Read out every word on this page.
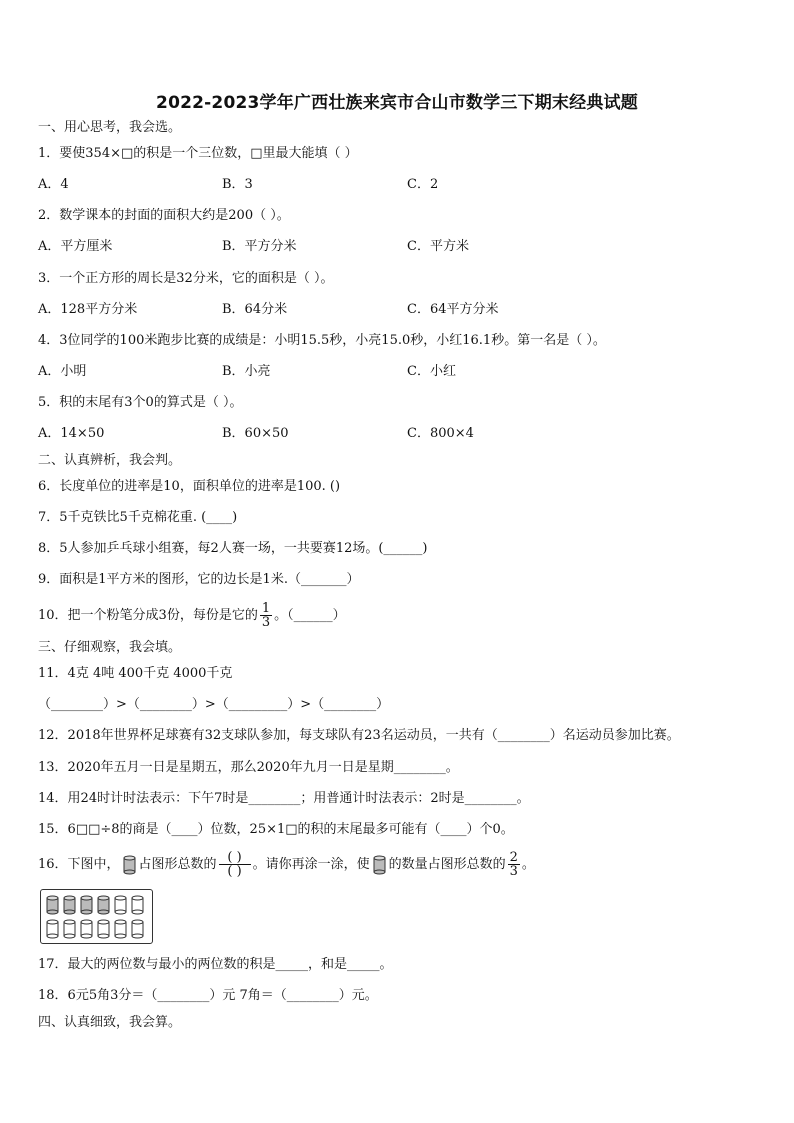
2022-2023学年广西壮族来宾市合山市数学三下期末经典试题
一、用心思考，我会选。
1．要使354×□的积是一个三位数，□里最大能填（ ）
A．4	B．3	C．2
2．数学课本的封面的面积大约是200（ ）。
A．平方厘米	B．平方分米	C．平方米
3．一个正方形的周长是32分米，它的面积是（ ）。
A．128平方分米	B．64分米	C．64平方分米
4．3位同学的100米跑步比赛的成绩是：小明15.5秒，小亮15.0秒，小红16.1秒。第一名是（ ）。
A．小明	B．小亮	C．小红
5．积的末尾有3个0的算式是（ ）。
A．14×50	B．60×50	C．800×4
二、认真辨析，我会判。
6．长度单位的进率是10，面积单位的进率是100. ()
7．5千克铁比5千克棉花重. (____)
8．5人参加乒乓球小组赛，每2人赛一场，一共要赛12场。(______)
9．面积是1平方米的图形，它的边长是1米.（_______）
10．把一个粉笔分成3份，每份是它的 $\frac{1}{3}$ 。（______）
三、仔细观察，我会填。
11．4克 4吨 400千克 4000千克
（________）>（________）>（_________）>（________）
12．2018年世界杯足球赛有32支球队参加，每支球队有23名运动员，一共有（________）名运动员参加比赛。
13．2020年五月一日是星期五，那么2020年九月一日是星期________。
14．用24时计时法表示：下午7时是________；用普通计时法表示：2时是________。
15．6□□÷8的商是（____）位数，25×1□的积的末尾最多可能有（____）个0。
16．下图中， 占图形总数的 $\frac{( )}{( )}$ 。请你再涂一涂，使 的数量占图形总数的 $\frac{2}{3}$ 。
17．最大的两位数与最小的两位数的积是_____，和是_____。
18．6元5角3分＝（________）元 7角＝（________）元。
四、认真细致，我会算。
